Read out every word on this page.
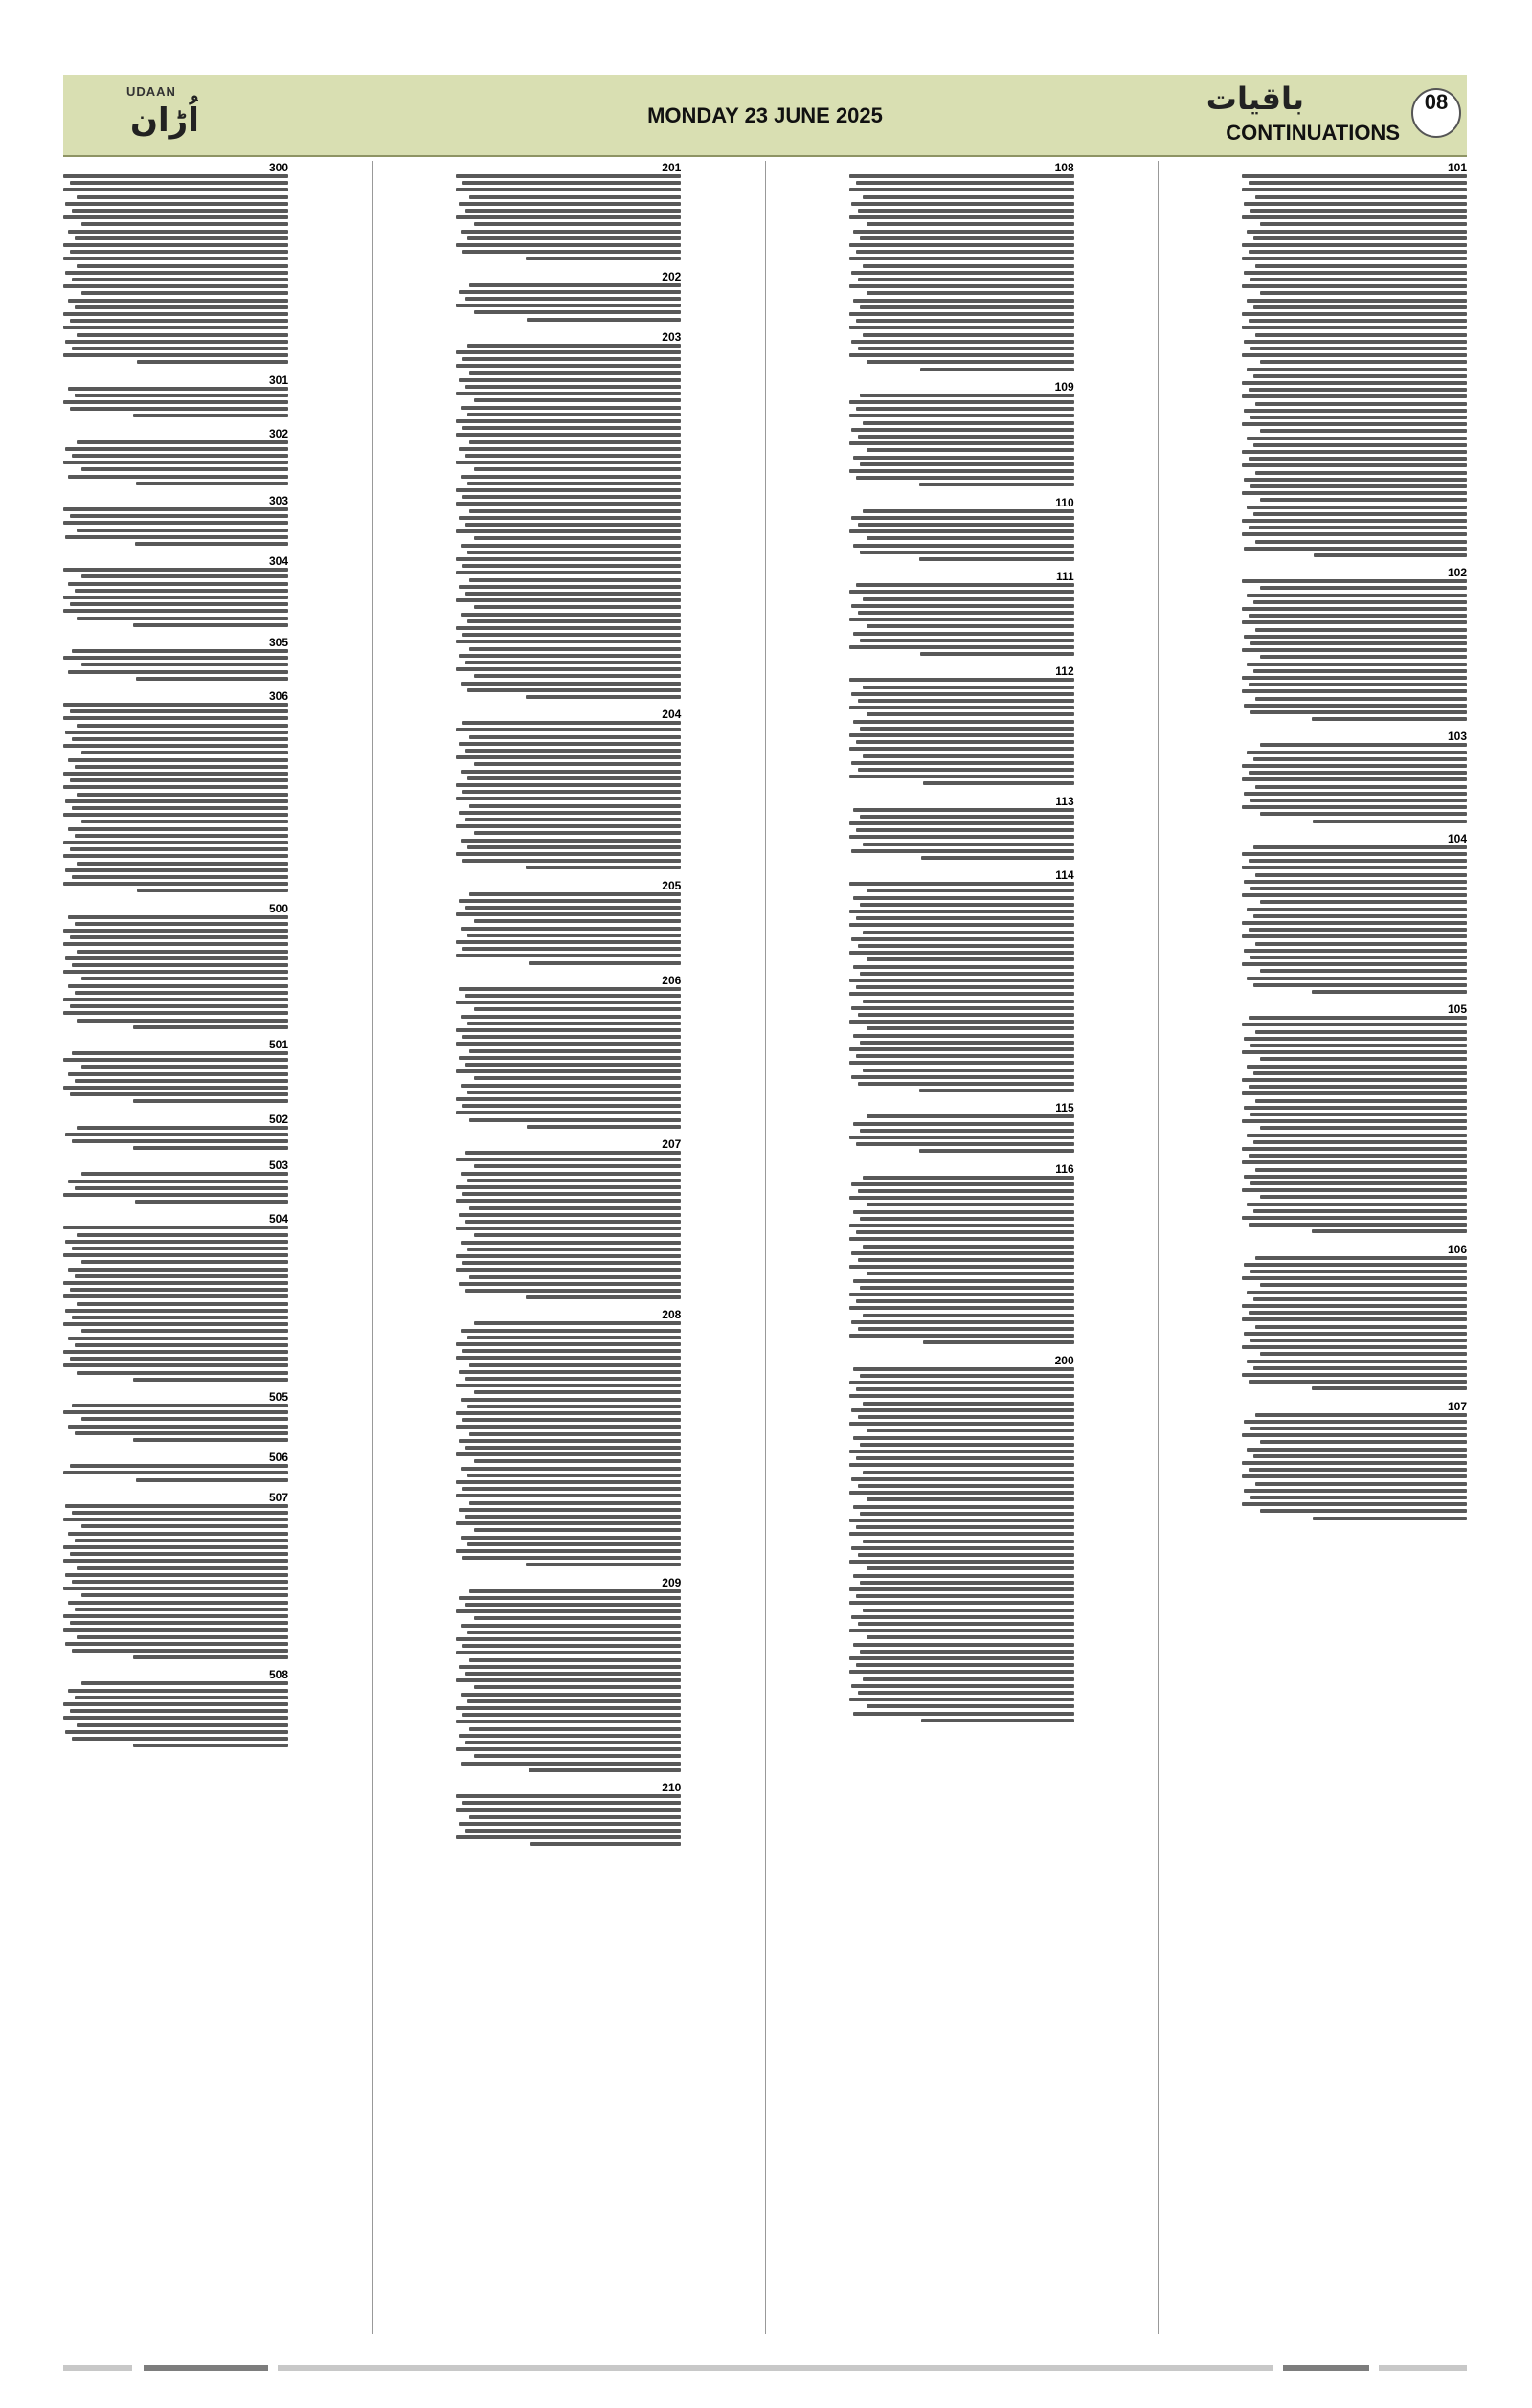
UDAAN
اُڑان	MONDAY 23 JUNE 2025	باقیات
CONTINUATIONS
08
101
102
103
104
105
106
107
108
109
110
111
112
113
114
115
116
200
201
202
203
204
205
206
207
208
209
210
300
301
302
303
304
305
306
500
501
502
503
504
505
506
507
508
